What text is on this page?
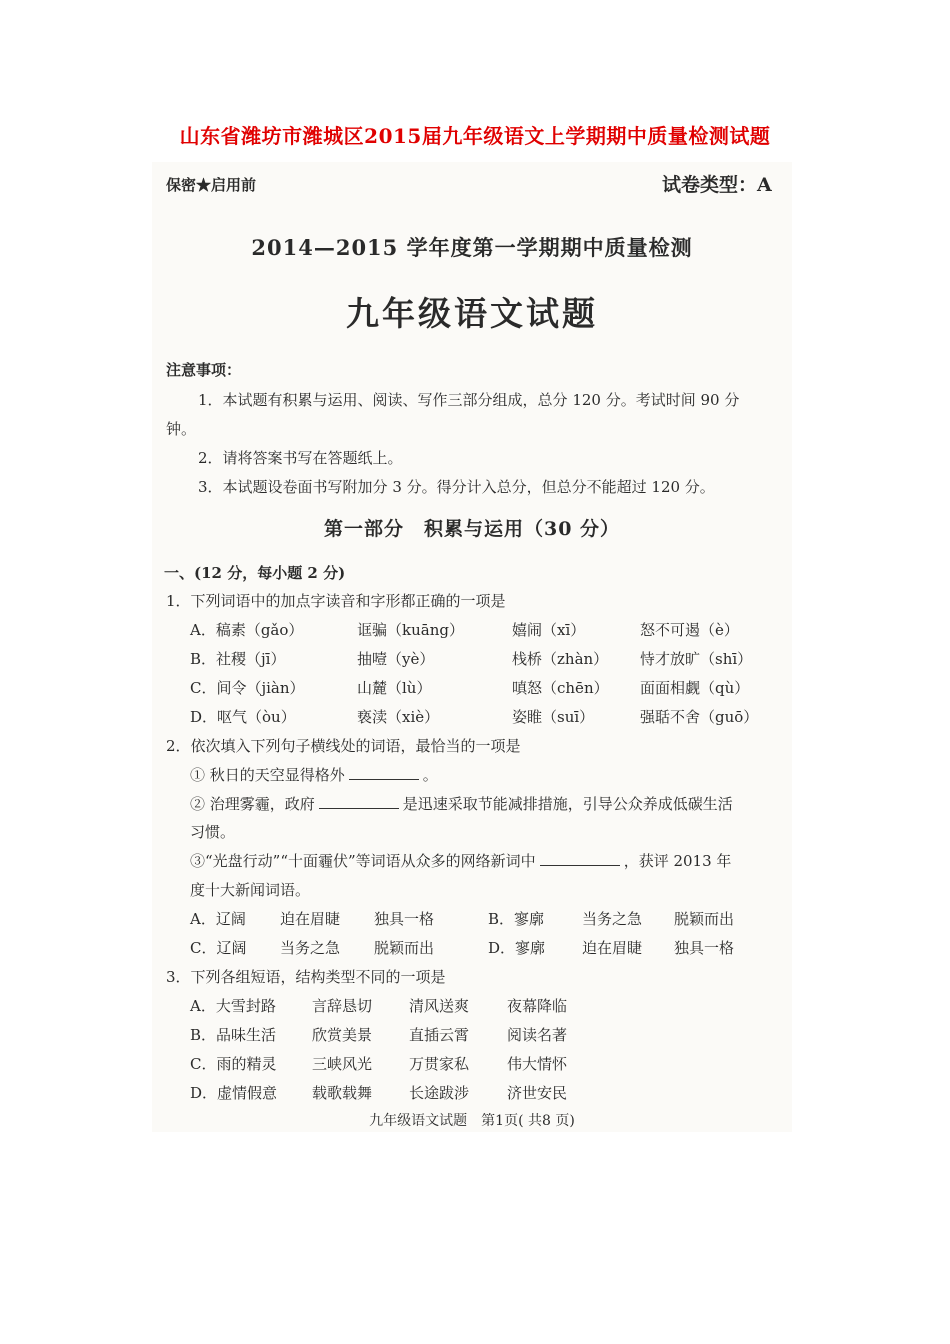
山东省潍坊市潍城区2015届九年级语文上学期期中质量检测试题
保密★启用前	试卷类型：A
2014—2015 学年度第一学期期中质量检测
九年级语文试题
注意事项：
1．本试题有积累与运用、阅读、写作三部分组成，总分 120 分。考试时间 90 分
钟。
2．请将答案书写在答题纸上。
3．本试题设卷面书写附加分 3 分。得分计入总分，但总分不能超过 120 分。
第一部分　积累与运用（30 分）
一、(12 分，每小题 2 分)
1．下列词语中的加点字读音和字形都正确的一项是
A．稿素（gǎo）	诓骗（kuāng）	嬉闹（xī）	怒不可遏（è）
B．社稷（jī）	抽噎（yè）	栈桥（zhàn） 恃才放旷（shī）
C．间令（jiàn）	山麓（lù）	嗔怒（chēn） 面面相觑（qù）
D．呕气（òu）	亵渎（xiè）	姿睢（suī）	强聒不舍（guō）
2．依次填入下列句子横线处的词语，最恰当的一项是
① 秋日的天空显得格外	。
② 治理雾霾，政府	是迅速采取节能减排措施，引导公众养成低碳生活
习惯。
③“光盘行动”“十面霾伏”等词语从众多的网络新词中	，获评 2013 年
度十大新闻词语。
A．辽阔 迫在眉睫 独具一格	B．寥廓	当务之急 脱颖而出
C．辽阔 当务之急 脱颖而出	D．寥廓 迫在眉睫 独具一格
3．下列各组短语，结构类型不同的一项是
A．大雪封路 言辞恳切 清风送爽	夜幕降临
B．品味生活 欣赏美景 直插云霄	阅读名著
C．雨的精灵 三峡风光 万贯家私	伟大情怀
D．虚情假意 载歌载舞 长途跋涉	济世安民
九年级语文试题　第1页( 共8 页)
